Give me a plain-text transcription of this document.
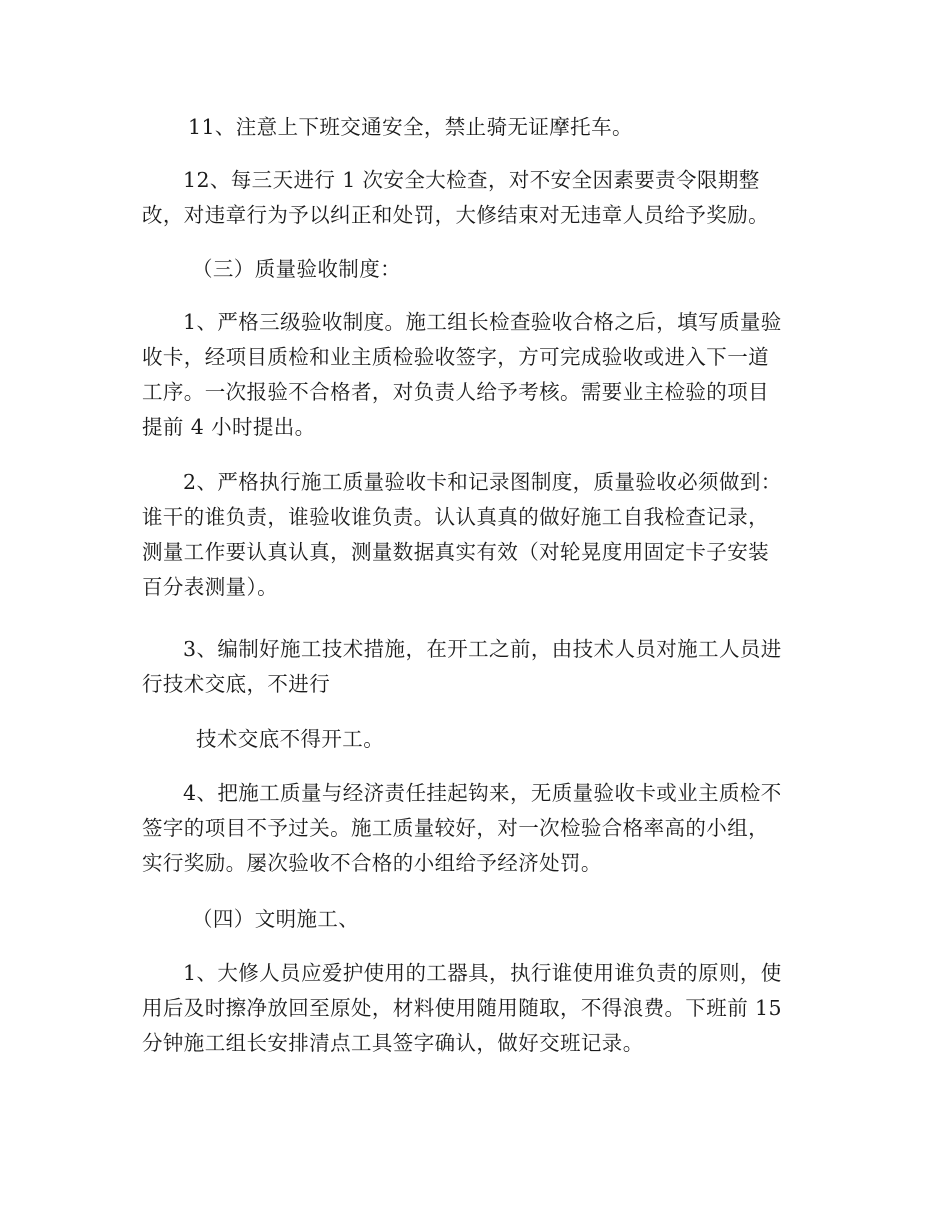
11、注意上下班交通安全，禁止骑无证摩托车。

12、每三天进行 1 次安全大检查，对不安全因素要责令限期整
改，对违章行为予以纠正和处罚，大修结束对无违章人员给予奖励。

（三）质量验收制度：

1、严格三级验收制度。施工组长检查验收合格之后，填写质量验
收卡，经项目质检和业主质检验收签字，方可完成验收或进入下一道
工序。一次报验不合格者，对负责人给予考核。需要业主检验的项目
提前 4 小时提出。

2、严格执行施工质量验收卡和记录图制度，质量验收必须做到：
谁干的谁负责，谁验收谁负责。认认真真的做好施工自我检查记录，
测量工作要认真认真，测量数据真实有效（对轮晃度用固定卡子安装
百分表测量）。

3、编制好施工技术措施，在开工之前，由技术人员对施工人员进
行技术交底，不进行

技术交底不得开工。

4、把施工质量与经济责任挂起钩来，无质量验收卡或业主质检不
签字的项目不予过关。施工质量较好，对一次检验合格率高的小组，
实行奖励。屡次验收不合格的小组给予经济处罚。

（四）文明施工、

1、大修人员应爱护使用的工器具，执行谁使用谁负责的原则，使
用后及时擦净放回至原处，材料使用随用随取，不得浪费。下班前 15
分钟施工组长安排清点工具签字确认，做好交班记录。
